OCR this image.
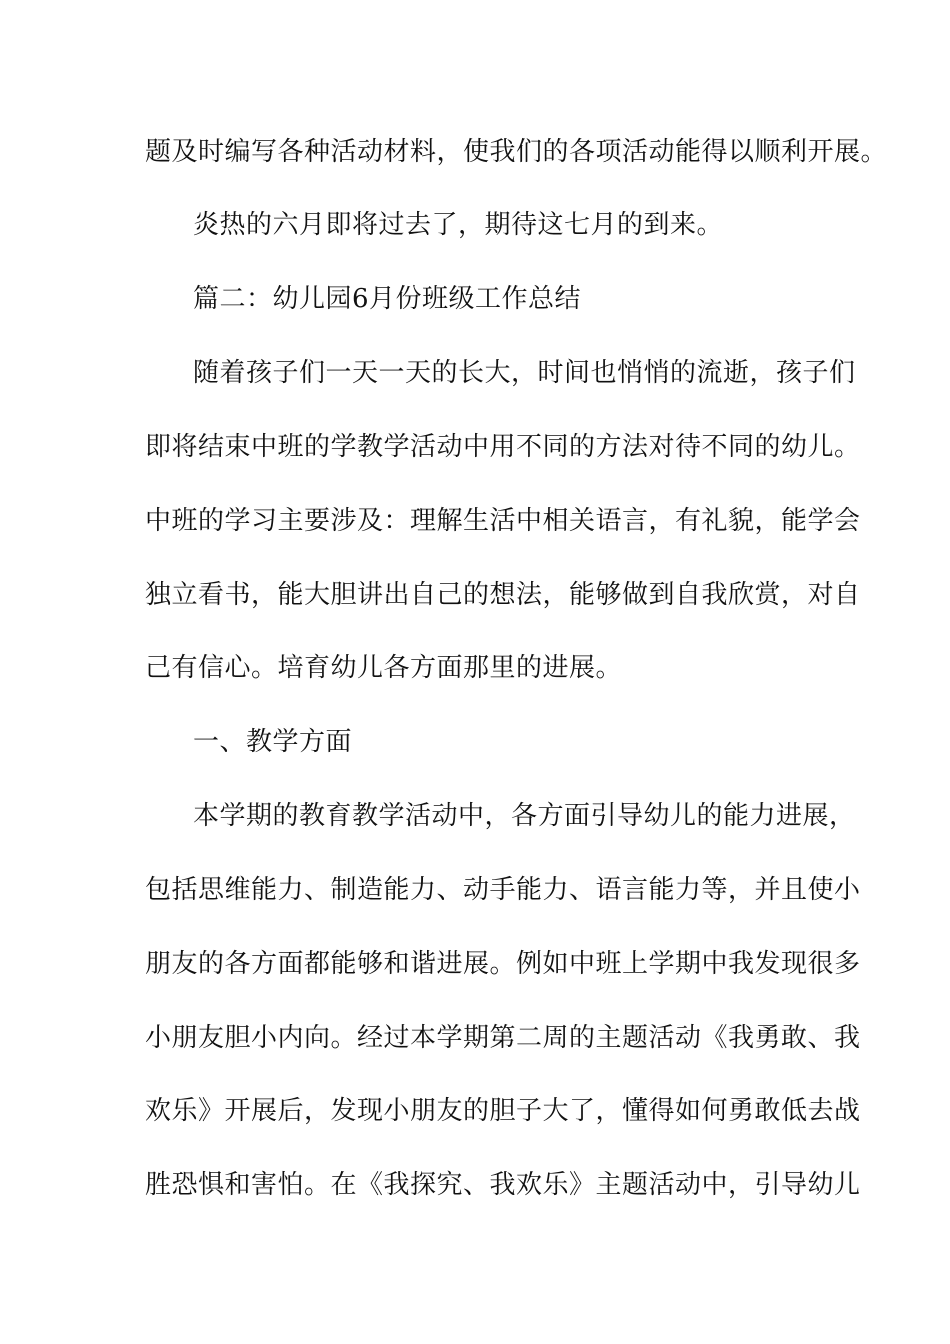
题及时编写各种活动材料，使我们的各项活动能得以顺利开展。
炎热的六月即将过去了，期待这七月的到来。
篇二：幼儿园6月份班级工作总结
随着孩子们一天一天的长大，时间也悄悄的流逝，孩子们
即将结束中班的学教学活动中用不同的方法对待不同的幼儿。
中班的学习主要涉及：理解生活中相关语言，有礼貌，能学会
独立看书，能大胆讲出自己的想法，能够做到自我欣赏，对自
己有信心。培育幼儿各方面那里的进展。
一、教学方面
本学期的教育教学活动中，各方面引导幼儿的能力进展，
包括思维能力、制造能力、动手能力、语言能力等，并且使小
朋友的各方面都能够和谐进展。例如中班上学期中我发现很多
小朋友胆小内向。经过本学期第二周的主题活动《我勇敢、我
欢乐》开展后，发现小朋友的胆子大了，懂得如何勇敢低去战
胜恐惧和害怕。在《我探究、我欢乐》主题活动中，引导幼儿
